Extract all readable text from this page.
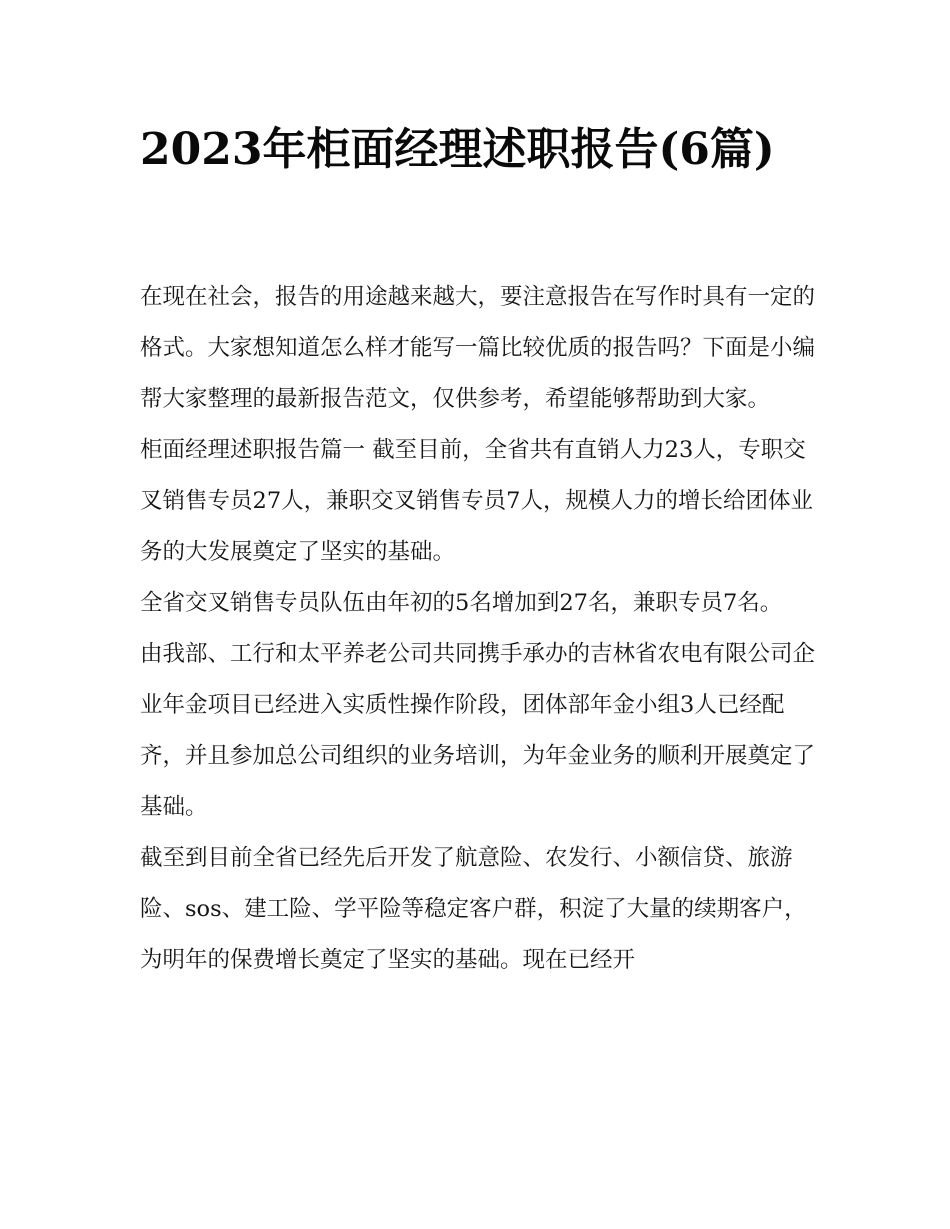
2023年柜面经理述职报告(6篇)

在现在社会，报告的用途越来越大，要注意报告在写作时具有一定的格式。大家想知道怎么样才能写一篇比较优质的报告吗？下面是小编帮大家整理的最新报告范文，仅供参考，希望能够帮助到大家。

柜面经理述职报告篇一 截至目前，全省共有直销人力23人，专职交叉销售专员27人，兼职交叉销售专员7人，规模人力的增长给团体业务的大发展奠定了坚实的基础。

全省交叉销售专员队伍由年初的5名增加到27名，兼职专员7名。

由我部、工行和太平养老公司共同携手承办的吉林省农电有限公司企业年金项目已经进入实质性操作阶段，团体部年金小组3人已经配齐，并且参加总公司组织的业务培训，为年金业务的顺利开展奠定了基础。

截至到目前全省已经先后开发了航意险、农发行、小额信贷、旅游险、sos、建工险、学平险等稳定客户群，积淀了大量的续期客户，为明年的保费增长奠定了坚实的基础。现在已经开
